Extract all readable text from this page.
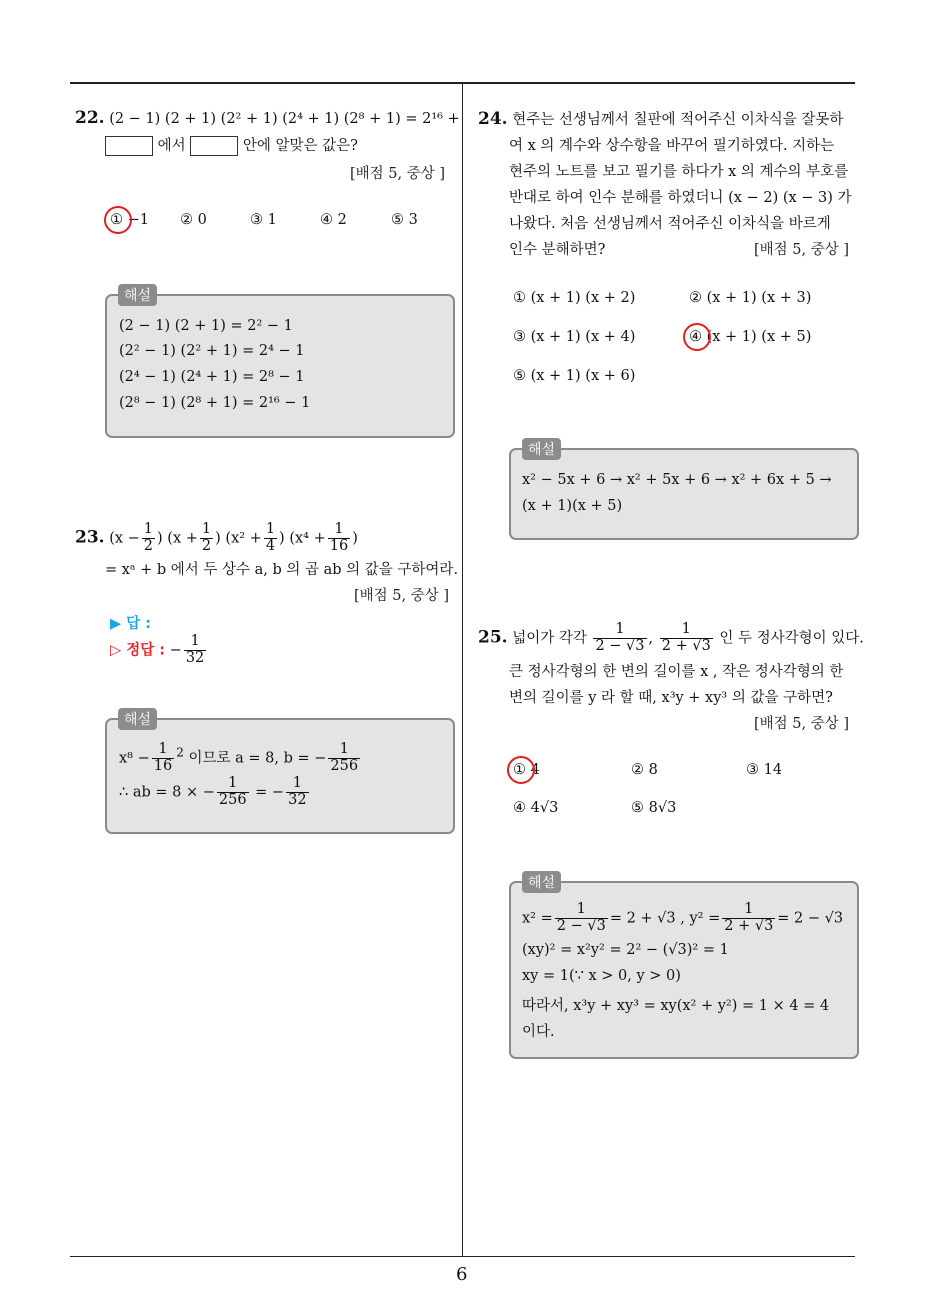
6
22. (2 − 1) (2 + 1) (2² + 1) (2⁴ + 1) (2⁸ + 1) = 2¹⁶ +
에서	안에 알맞은 값은?
[배점 5, 중상 ]
① −1 ② 0	③ 1	④ 2	⑤ 3
해설
(2 − 1) (2 + 1) = 2² − 1
(2² − 1) (2² + 1) = 2⁴ − 1
(2⁴ − 1) (2⁴ + 1) = 2⁸ − 1
(2⁸ − 1) (2⁸ + 1) = 2¹⁶ − 1
23. ($x - \frac{1}{2}$ ) ($x + \frac{1}{2}$ ) ($x^2 + \frac{1}{4}$ ) ($x^4 + \frac{1}{16}$ )
= xᵃ + b 에서 두 상수 a, b 의 곱 ab 의 값을 구하여라.
[배점 5, 중상 ]
▶ 답 :
▷ 정답 : − $\frac{1}{32}$
해설
$x^8 - \frac{1}{16} ^2$ 이므로 a = 8, b = − $\frac{1}{256}$
∴ ab = 8 × − $\frac{1}{256}$ = − $\frac{1}{32}$
24. 현주는 선생님께서 칠판에 적어주신 이차식을 잘못하
여 x 의 계수와 상수항을 바꾸어 필기하였다. 지하는
현주의 노트를 보고 필기를 하다가 x 의 계수의 부호를
반대로 하여 인수 분해를 하였더니 (x − 2) (x − 3) 가
나왔다. 처음 선생님께서 적어주신 이차식을 바르게
인수 분해하면?	[배점 5, 중상 ]
① (x + 1) (x + 2)	② (x + 1) (x + 3)
③ (x + 1) (x + 4)	④ (x + 1) (x + 5)
⑤ (x + 1) (x + 6)
해설
x² − 5x + 6 → x² + 5x + 6 → x² + 6x + 5 →
(x + 1)(x + 5)
25. 넓이가 각각 $\frac{1}{2 - √3}$ , $\frac{1}{2 + √3}$ 인 두 정사각형이 있다.
큰 정사각형의 한 변의 길이를 x , 작은 정사각형의 한
변의 길이를 y 라 할 때, x³y + xy³ 의 값을 구하면?
[배점 5, 중상 ]
① 4	② 8	③ 14
④ 4√3	⑤ 8√3
해설
$x^2 = \frac{1}{2 - √3} = 2 + √3$ , $y^2 = \frac{1}{2 + √3} = 2 - √3$
(xy)² = x²y² = 2² − (√3)² = 1
xy = 1(∵ x > 0, y > 0)
따라서, x³y + xy³ = xy(x² + y²) = 1 × 4 = 4
이다.
